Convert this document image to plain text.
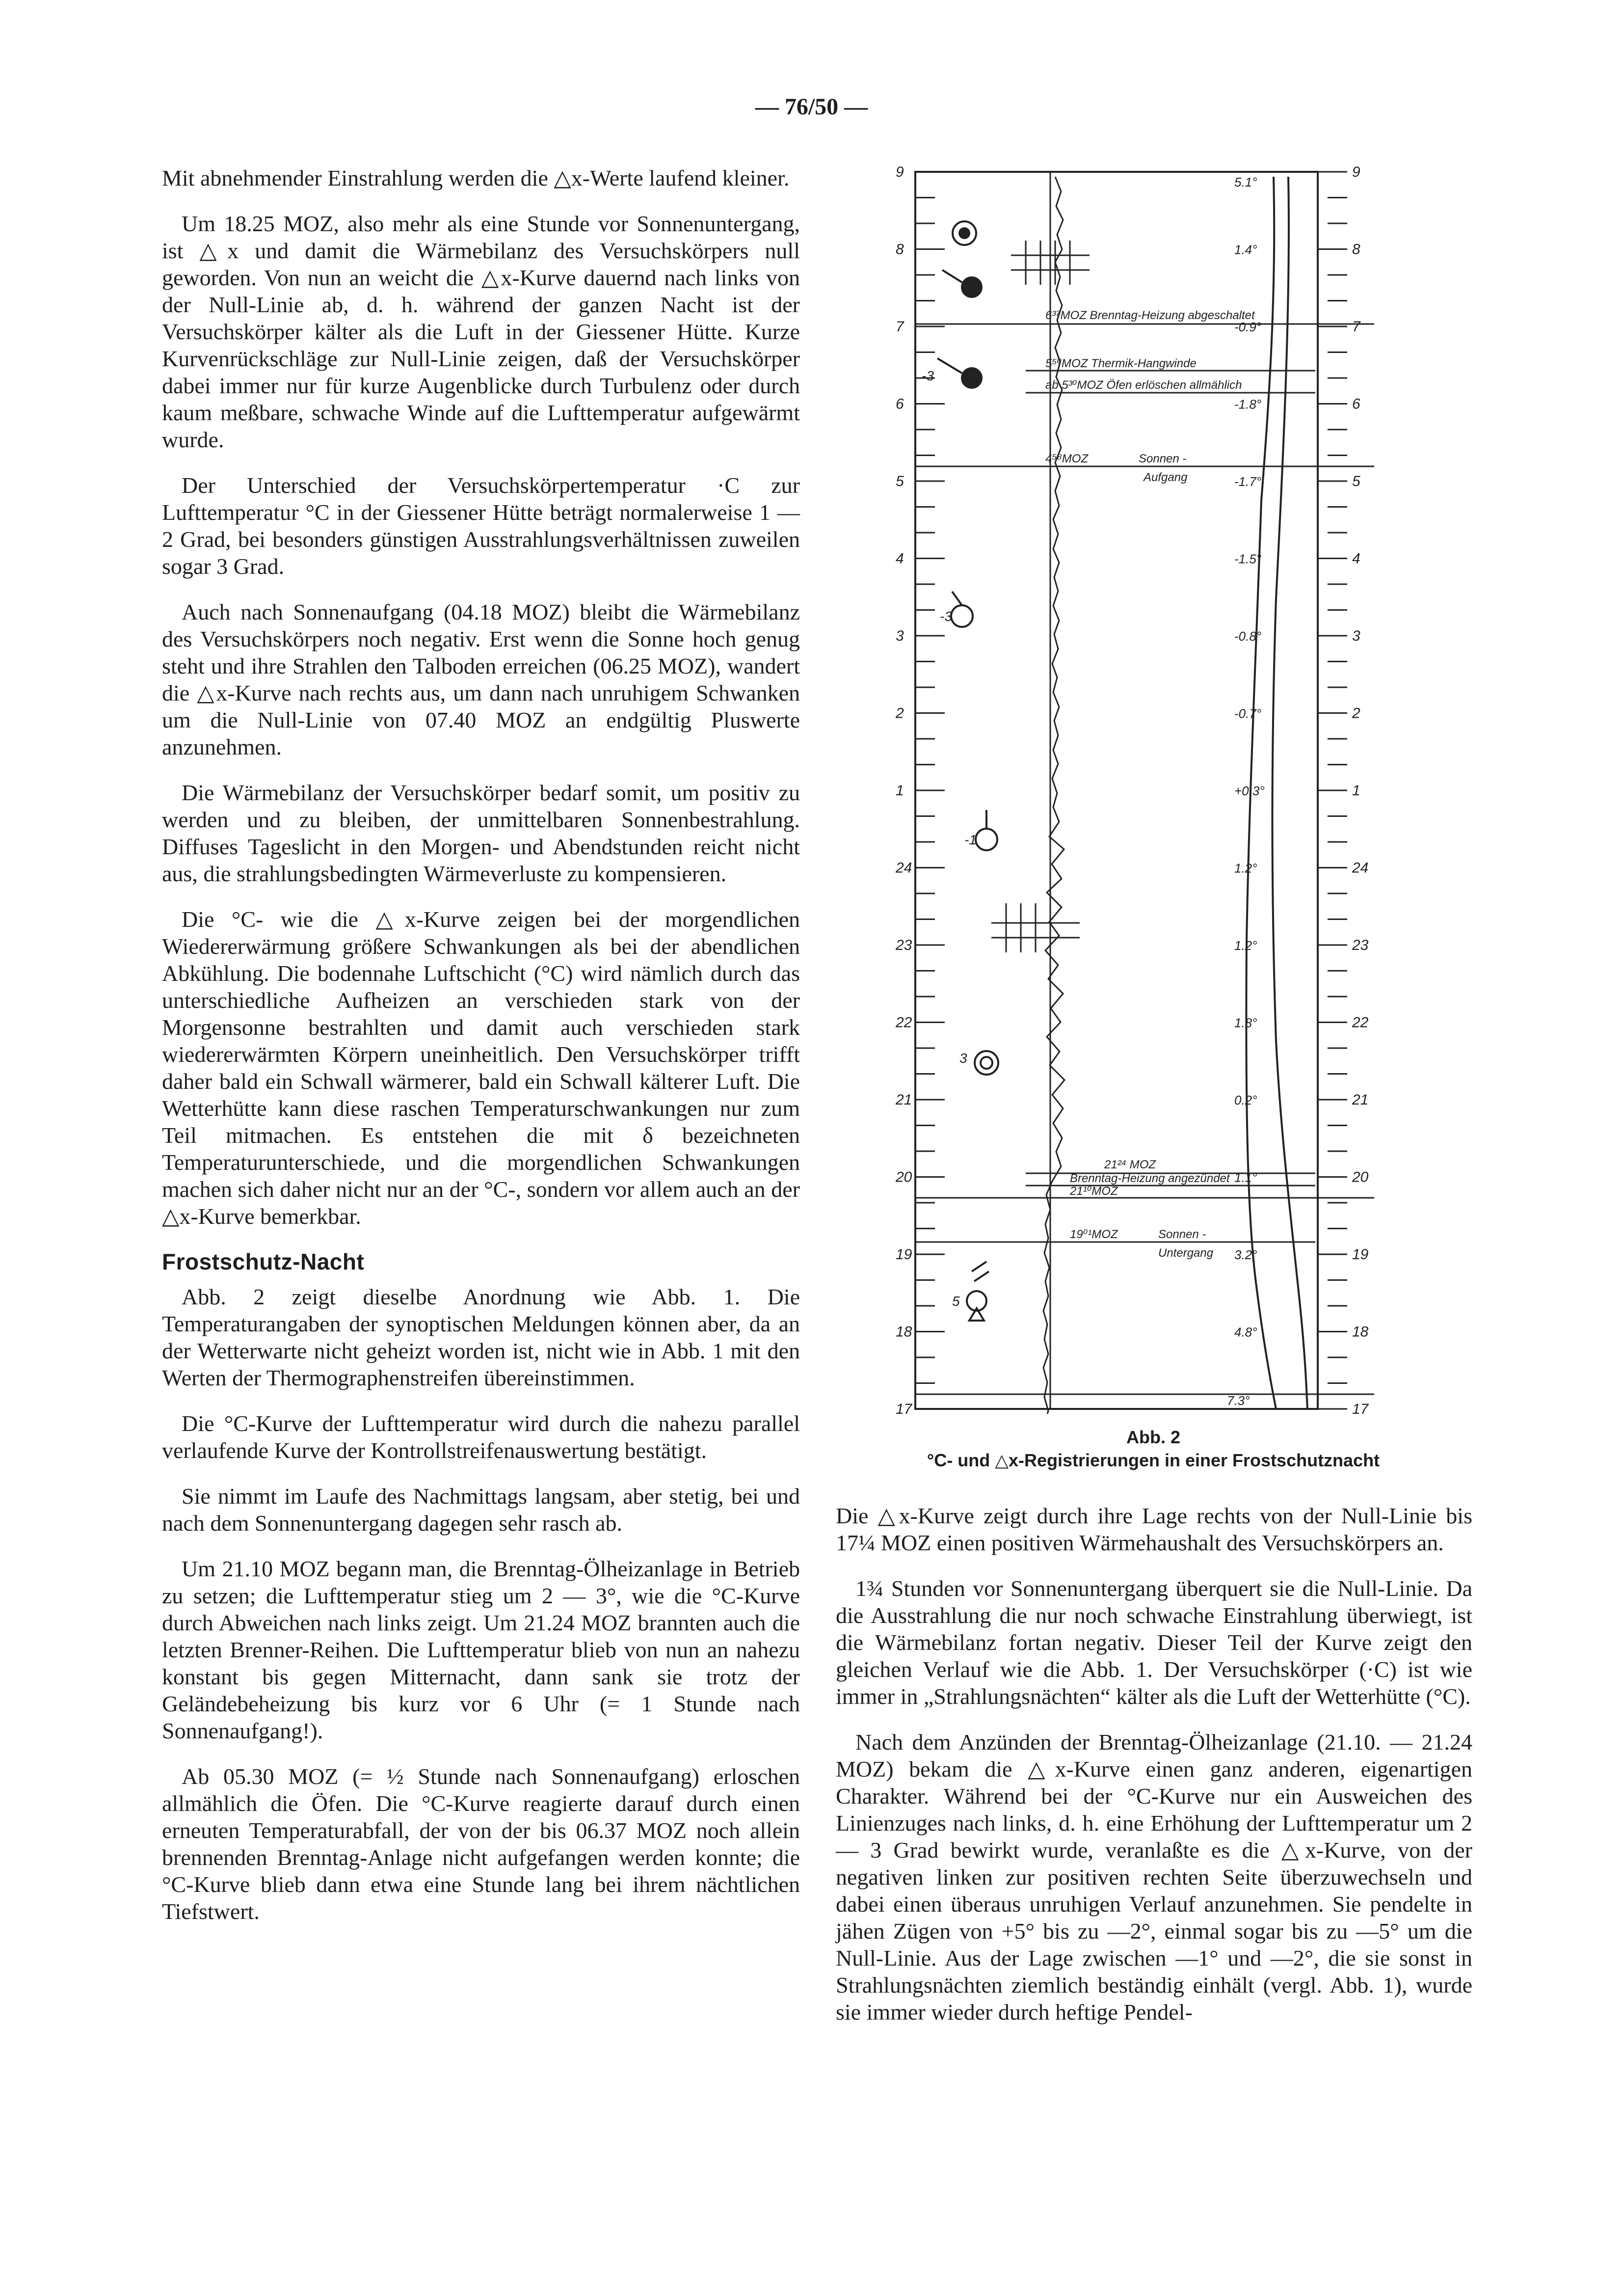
— 76/50 —

Mit abnehmender Einstrahlung werden die △x-Werte laufend kleiner.

Um 18.25 MOZ, also mehr als eine Stunde vor Sonnenuntergang, ist △x und damit die Wärmebilanz des Versuchskörpers null geworden. Von nun an weicht die △x-Kurve dauernd nach links von der Null-Linie ab, d. h. während der ganzen Nacht ist der Versuchskörper kälter als die Luft in der Giessener Hütte. Kurze Kurvenrückschläge zur Null-Linie zeigen, daß der Versuchskörper dabei immer nur für kurze Augenblicke durch Turbulenz oder durch kaum meßbare, schwache Winde auf die Lufttemperatur aufgewärmt wurde.

Der Unterschied der Versuchskörpertemperatur ·C zur Lufttemperatur °C in der Giessener Hütte beträgt normalerweise 1 — 2 Grad, bei besonders günstigen Ausstrahlungsverhältnissen zuweilen sogar 3 Grad.

Auch nach Sonnenaufgang (04.18 MOZ) bleibt die Wärmebilanz des Versuchskörpers noch negativ. Erst wenn die Sonne hoch genug steht und ihre Strahlen den Talboden erreichen (06.25 MOZ), wandert die △x-Kurve nach rechts aus, um dann nach unruhigem Schwanken um die Null-Linie von 07.40 MOZ an endgültig Pluswerte anzunehmen.

Die Wärmebilanz der Versuchskörper bedarf somit, um positiv zu werden und zu bleiben, der unmittelbaren Sonnenbestrahlung. Diffuses Tageslicht in den Morgen- und Abendstunden reicht nicht aus, die strahlungsbedingten Wärmeverluste zu kompensieren.

Die °C- wie die △x-Kurve zeigen bei der morgendlichen Wiedererwärmung größere Schwankungen als bei der abendlichen Abkühlung. Die bodennahe Luftschicht (°C) wird nämlich durch das unterschiedliche Aufheizen an verschieden stark von der Morgensonne bestrahlten und damit auch verschieden stark wiedererwärmten Körpern uneinheitlich. Den Versuchskörper trifft daher bald ein Schwall wärmerer, bald ein Schwall kälterer Luft. Die Wetterhütte kann diese raschen Temperaturschwankungen nur zum Teil mitmachen. Es entstehen die mit δ bezeichneten Temperaturunterschiede, und die morgendlichen Schwankungen machen sich daher nicht nur an der °C-, sondern vor allem auch an der △x-Kurve bemerkbar.

Frostschutz-Nacht

Abb. 2 zeigt dieselbe Anordnung wie Abb. 1. Die Temperaturangaben der synoptischen Meldungen können aber, da an der Wetterwarte nicht geheizt worden ist, nicht wie in Abb. 1 mit den Werten der Thermographenstreifen übereinstimmen.

Die °C-Kurve der Lufttemperatur wird durch die nahezu parallel verlaufende Kurve der Kontrollstreifenauswertung bestätigt.

Sie nimmt im Laufe des Nachmittags langsam, aber stetig, bei und nach dem Sonnenuntergang dagegen sehr rasch ab.

Um 21.10 MOZ begann man, die Brenntag-Ölheizanlage in Betrieb zu setzen; die Lufttemperatur stieg um 2 — 3°, wie die °C-Kurve durch Abweichen nach links zeigt. Um 21.24 MOZ brannten auch die letzten Brenner-Reihen. Die Lufttemperatur blieb von nun an nahezu konstant bis gegen Mitternacht, dann sank sie trotz der Geländebeheizung bis kurz vor 6 Uhr (= 1 Stunde nach Sonnenaufgang!).

Ab 05.30 MOZ (= ½ Stunde nach Sonnenaufgang) erloschen allmählich die Öfen. Die °C-Kurve reagierte darauf durch einen erneuten Temperaturabfall, der von der bis 06.37 MOZ noch allein brennenden Brenntag-Anlage nicht aufgefangen werden konnte; die °C-Kurve blieb dann etwa eine Stunde lang bei ihrem nächtlichen Tiefstwert.

9
8
7
6
5
4
3
2
1
24
23
22
21
20
19
18
17
9
8
7
6
5
4
3
2
1
24
23
22
21
20
19
18
17
5.1°
1.4°
-0.9°
-1.8°
-1.7°
-1.5°
-0.8°
-0.7°
+0.3°
1.2°
1.2°
1.8°
0.2°
1.1°
3.2°
4.8°
7.3°
-3
-3
-1
3
5
6³⁷MOZ Brenntag-Heizung abgeschaltet
5⁵⁰MOZ Thermik-Hangwinde
ab 5³⁰MOZ Öfen erlöschen allmählich
4⁵⁸MOZ	Sonnen -
Aufgang
21²⁴ MOZ
Brenntag-Heizung angezündet
21¹⁰MOZ
19⁰¹MOZ	Sonnen -
Untergang
Abb. 2
°C- und △x-Registrierungen in einer Frostschutznacht

Die △x-Kurve zeigt durch ihre Lage rechts von der Null-Linie bis 17¼ MOZ einen positiven Wärmehaushalt des Versuchskörpers an.

1¾ Stunden vor Sonnenuntergang überquert sie die Null-Linie. Da die Ausstrahlung die nur noch schwache Einstrahlung überwiegt, ist die Wärmebilanz fortan negativ. Dieser Teil der Kurve zeigt den gleichen Verlauf wie die Abb. 1. Der Versuchskörper (·C) ist wie immer in „Strahlungsnächten“ kälter als die Luft der Wetterhütte (°C).

Nach dem Anzünden der Brenntag-Ölheizanlage (21.10. — 21.24 MOZ) bekam die △x-Kurve einen ganz anderen, eigenartigen Charakter. Während bei der °C-Kurve nur ein Ausweichen des Linienzuges nach links, d. h. eine Erhöhung der Lufttemperatur um 2 — 3 Grad bewirkt wurde, veranlaßte es die △x-Kurve, von der negativen linken zur positiven rechten Seite überzuwechseln und dabei einen überaus unruhigen Verlauf anzunehmen. Sie pendelte in jähen Zügen von +5° bis zu —2°, einmal sogar bis zu —5° um die Null-Linie. Aus der Lage zwischen —1° und —2°, die sie sonst in Strahlungsnächten ziemlich beständig einhält (vergl. Abb. 1), wurde sie immer wieder durch heftige Pendel-
